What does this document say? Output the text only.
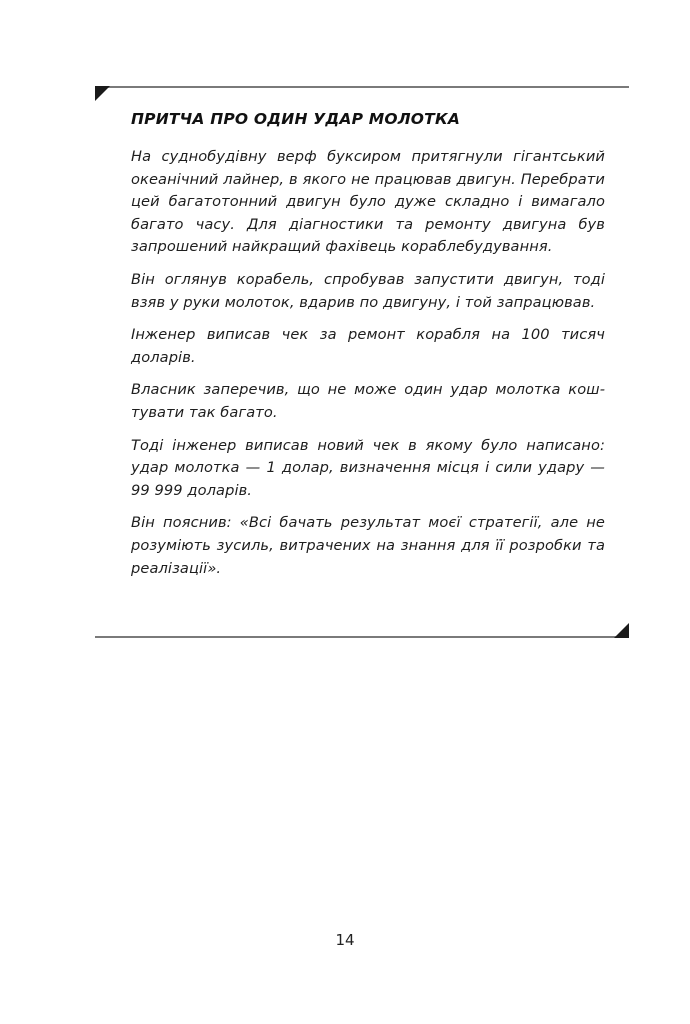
ПРИТЧА ПРО ОДИН УДАР МОЛОТКА

На суднобудівну верф буксиром притягнули гігантський океанічний лайнер, в якого не працював двигун. Перебрати цей багатотонний двигун було дуже складно і вимагало багато часу. Для діагностики та ремонту двигуна був запрошений найкращий фахівець кораблебудування.

Він оглянув корабель, спробував запустити двигун, тоді взяв у руки молоток, вдарив по двигуну, і той запрацював.

Інженер виписав чек за ремонт корабля на 100 тисяч доларів.

Власник заперечив, що не може один удар молотка коштувати так багато.

Тоді інженер виписав новий чек в якому було написано: удар молотка — 1 долар, визначення місця і сили удару — 99 999 доларів.

Він пояснив: «Всі бачать результат моєї стратегії, але не розуміють зусиль, витрачених на знання для її розробки та реалізації».

14
